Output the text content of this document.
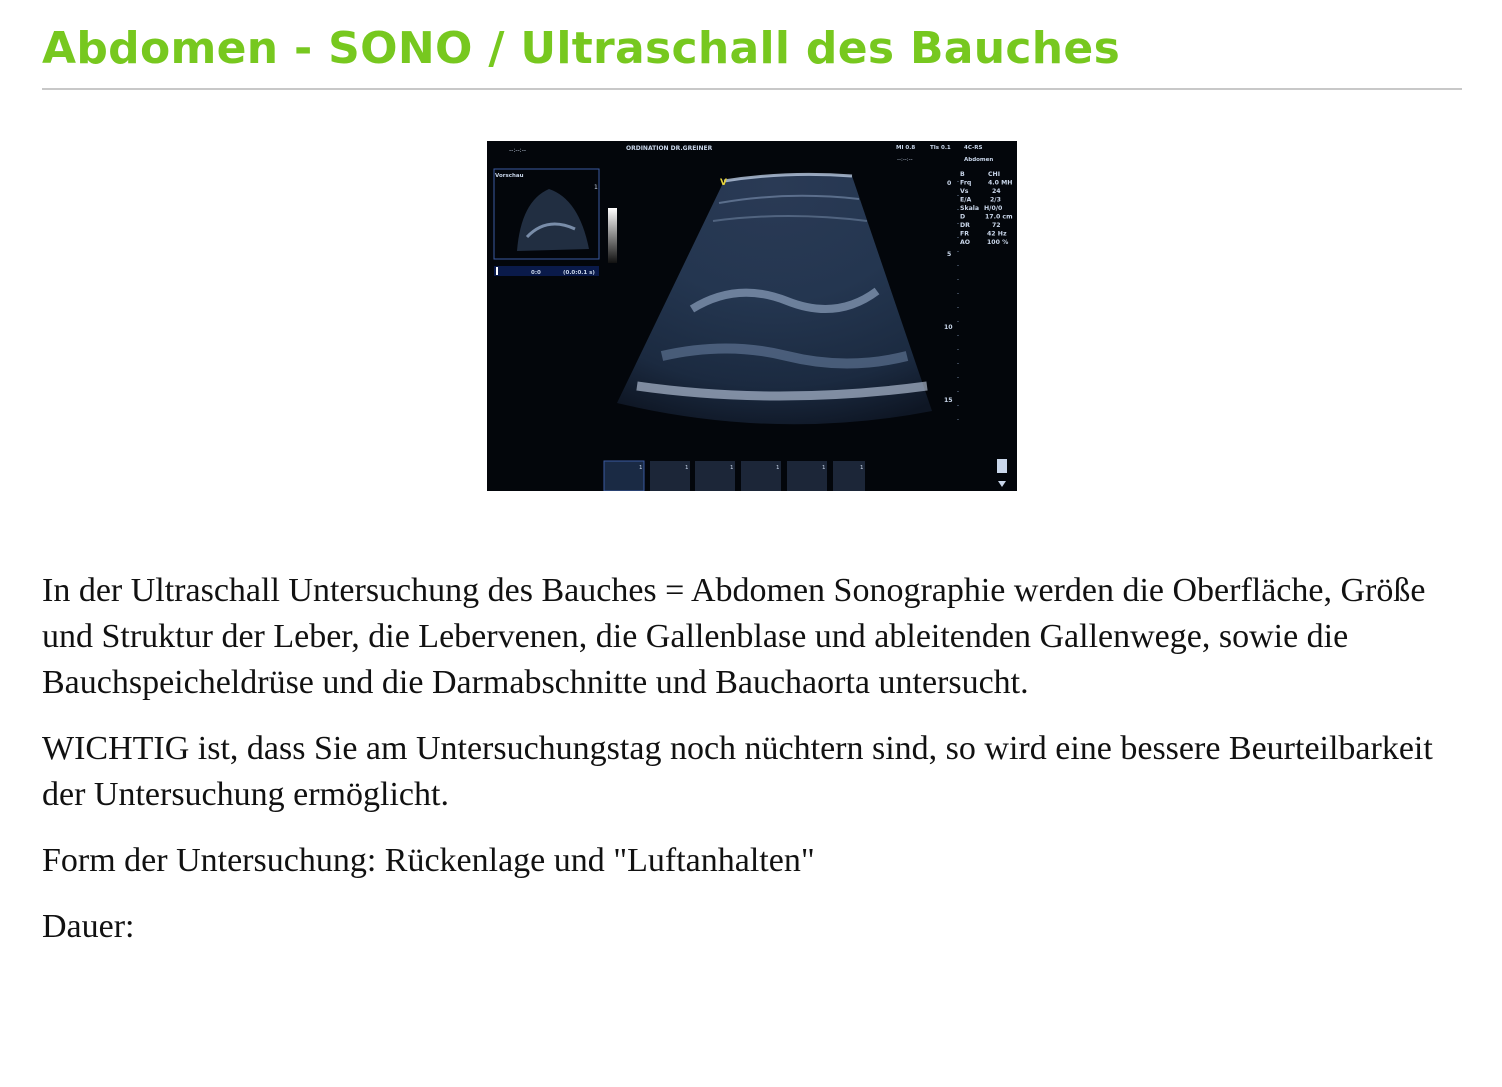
Abdomen - SONO / Ultraschall des Bauches
--:--:--	ORDINATION DR.GREINER	MI 0.8	TIs 0.1 4C-RS
--:--:--	Abdomen
Vorschau
1
0:0	(0.0:0.1 s)
V
B	CHI
Frq	4.0 MH
Vs	24
E/A	2/3
Skala H/0/0
D	17.0 cm
DR	72
FR	42 Hz
AO	100 %
0
5
10
15
1	1	1	1	1	1

In der Ultraschall Untersuchung des Bauches = Abdomen Sonographie werden die Oberfläche, Größe und Struktur der Leber, die Lebervenen, die Gallenblase und ableitenden Gallenwege, sowie die Bauchspeicheldrüse und die Darmabschnitte und Bauchaorta untersucht.

WICHTIG ist, dass Sie am Untersuchungstag noch nüchtern sind, so wird eine bessere Beurteilbarkeit der Untersuchung ermöglicht.

Form der Untersuchung: Rückenlage und "Luftanhalten"

Dauer:
